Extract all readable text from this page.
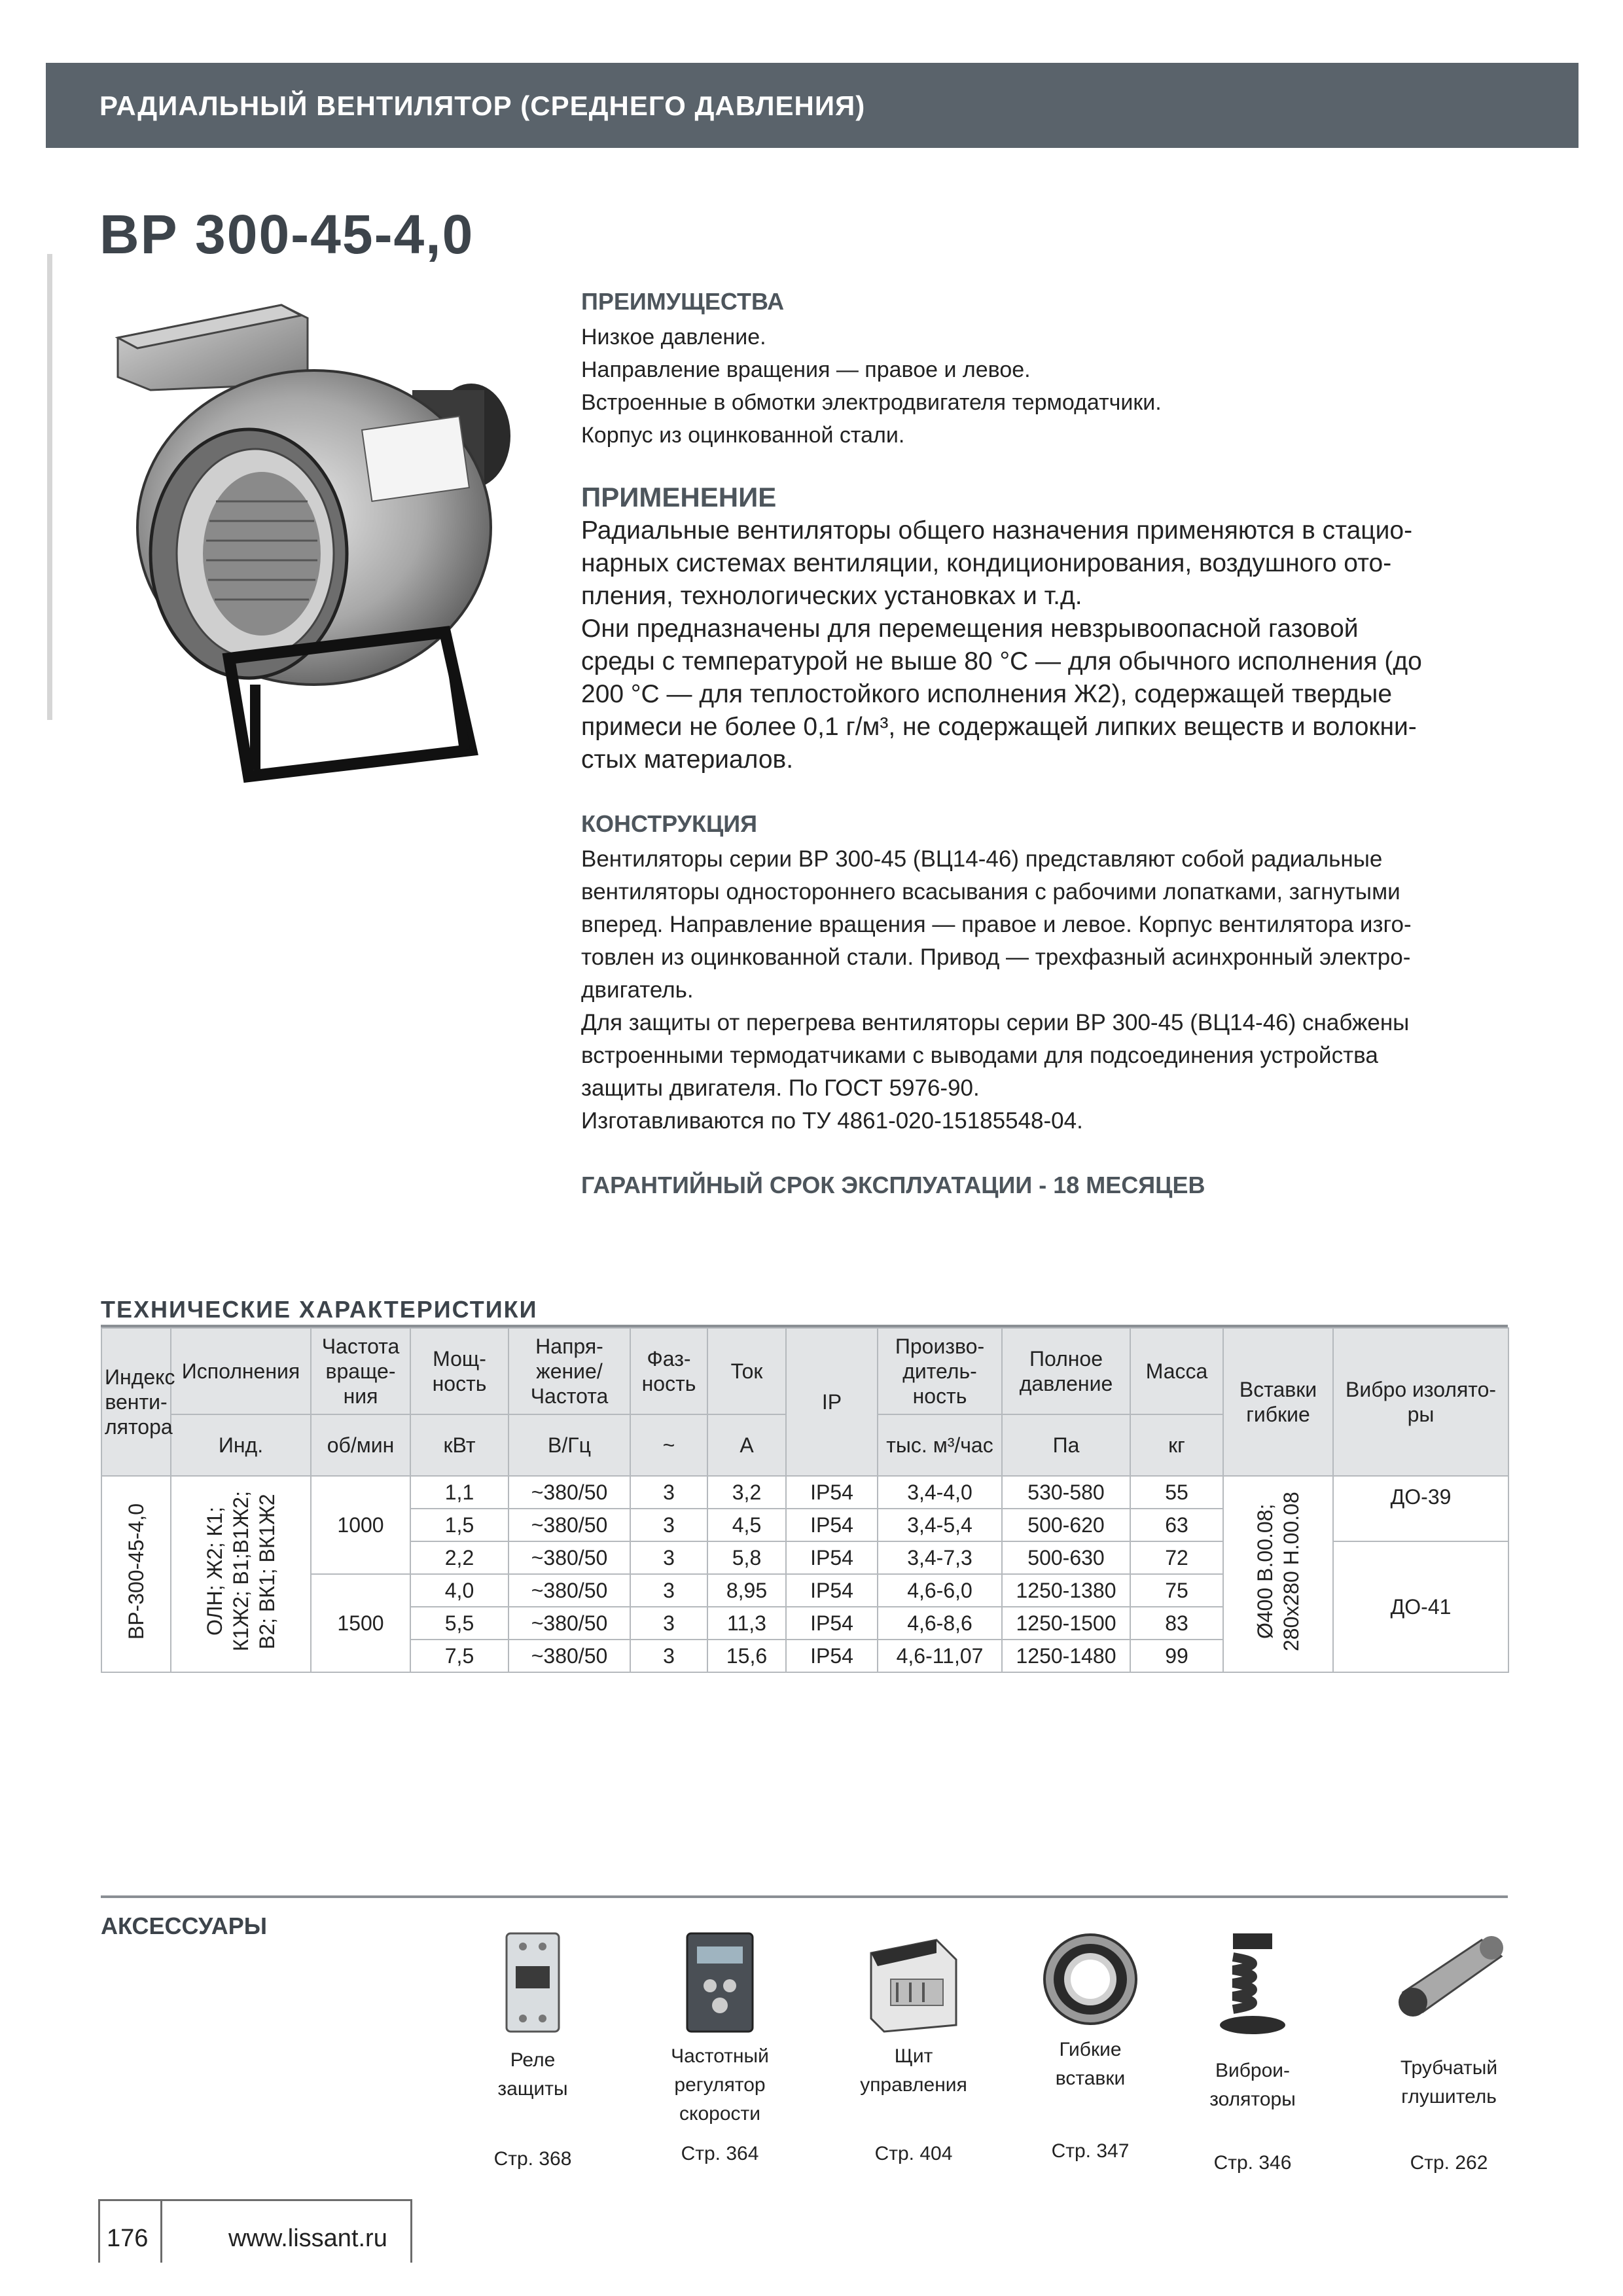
РАДИАЛЬНЫЙ ВЕНТИЛЯТОР (СРЕДНЕГО ДАВЛЕНИЯ)
ВР 300-45-4,0
ПРЕИМУЩЕСТВА

Низкое давление.

Направление вращения — правое и левое.

Встроенные в обмотки электродвигателя термодатчики.

Корпус из оцинкованной стали.

ПРИМЕНЕНИЕ

Радиальные вентиляторы общего назначения применяются в стацио-

нарных системах вентиляции, кондиционирования, воздушного ото-

пления, технологических установках и т.д.

Они предназначены для перемещения невзрывоопасной газовой

среды с температурой не выше 80 °С — для обычного исполнения (до

200 °С — для теплостойкого исполнения Ж2), содержащей твердые

примеси не более 0,1 г/м³, не содержащей липких веществ и волокни-

стых материалов.

КОНСТРУКЦИЯ

Вентиляторы серии ВР 300-45 (ВЦ14-46) представляют собой радиальные

вентиляторы одностороннего всасывания с рабочими лопатками, загнутыми

вперед. Направление вращения — правое и левое. Корпус вентилятора изго-

товлен из оцинкованной стали. Привод — трехфазный асинхронный электро-

двигатель.

Для защиты от перегрева вентиляторы серии ВР 300-45 (ВЦ14-46) снабжены

встроенными термодатчиками с выводами для подсоединения устройства

защиты двигателя. По ГОСТ 5976-90.

Изготавливаются по ТУ 4861-020-15185548-04.

ГАРАНТИЙНЫЙ СРОК ЭКСПЛУАТАЦИИ - 18 МЕСЯЦЕВ
ТЕХНИЧЕСКИЕ ХАРАКТЕРИСТИКИ
Индекс венти-лятора	Исполнения	Частота враще-ния	Мощ-ность	Напря-жение/ Частота	Фаз-ность	Ток	IP	Произво-дитель-ность	Полное давление	Масса	Вставки гибкие	Вибро изолято-ры
	Инд.	об/мин	кВт	В/Гц	~	А		тыс. м³/час	Па	кг		
ВР-300-45-4,0	ОЛН; Ж2; К1; К1Ж2; В1;В1Ж2; В2; ВК1; ВК1Ж2	1000	1,1	~380/50	3	3,2	IP54	3,4-4,0	530-580	55	Ø400 В.00.08; 280х280 Н.00.08	ДО-39
			1,5	~380/50	3	4,5	IP54	3,4-5,4	500-620	63		
			2,2	~380/50	3	5,8	IP54	3,4-7,3	500-630	72		ДО-41
		1500	4,0	~380/50	3	8,95	IP54	4,6-6,0	1250-1380	75		
			5,5	~380/50	3	11,3	IP54	4,6-8,6	1250-1500	83		
			7,5	~380/50	3	15,6	IP54	4,6-11,07	1250-1480	99		
АКСЕССУАРЫ
Реле
защиты
Стр. 368
Частотный
регулятор
скорости
Стр. 364
Щит
управления
Стр. 404
Гибкие
вставки
Стр. 347
Виброи-
золяторы
Стр. 346
Трубчатый
глушитель
Стр. 262
176	www.lissant.ru
